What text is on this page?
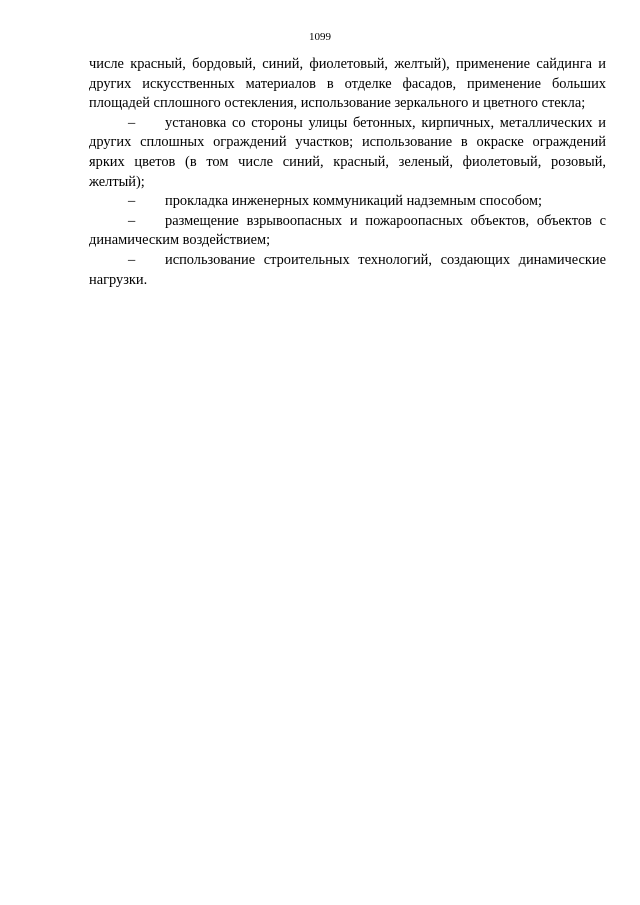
1099

числе красный, бордовый, синий, фиолетовый, желтый), применение сайдинга и других искусственных материалов в отделке фасадов, применение больших площадей сплошного остекления, использование зеркального и цветного стекла;

– установка со стороны улицы бетонных, кирпичных, металлических и других сплошных ограждений участков; использование в окраске ограждений ярких цветов (в том числе синий, красный, зеленый, фиолетовый, розовый, желтый);

– прокладка инженерных коммуникаций надземным способом;

– размещение взрывоопасных и пожароопасных объектов, объектов с динамическим воздействием;

– использование строительных технологий, создающих динамические нагрузки.
